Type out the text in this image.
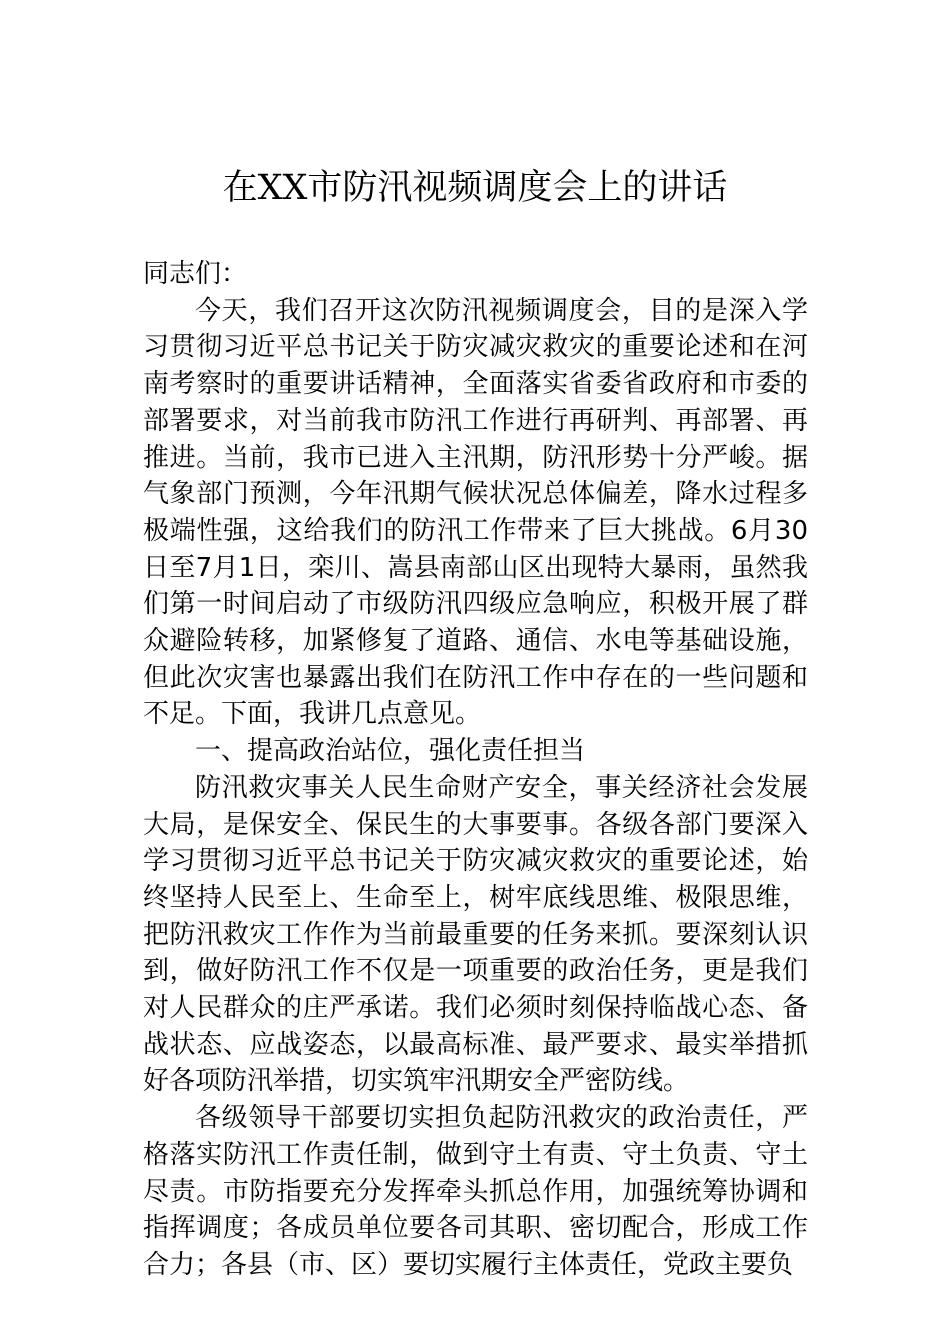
在XX市防汛视频调度会上的讲话

同志们：

今天，我们召开这次防汛视频调度会，目的是深入学习贯彻习近平总书记关于防灾减灾救灾的重要论述和在河南考察时的重要讲话精神，全面落实省委省政府和市委的部署要求，对当前我市防汛工作进行再研判、再部署、再推进。当前，我市已进入主汛期，防汛形势十分严峻。据气象部门预测，今年汛期气候状况总体偏差，降水过程多极端性强，这给我们的防汛工作带来了巨大挑战。6月30日至7月1日，栾川、嵩县南部山区出现特大暴雨，虽然我们第一时间启动了市级防汛四级应急响应，积极开展了群众避险转移，加紧修复了道路、通信、水电等基础设施，但此次灾害也暴露出我们在防汛工作中存在的一些问题和不足。下面，我讲几点意见。

一、提高政治站位，强化责任担当

防汛救灾事关人民生命财产安全，事关经济社会发展大局，是保安全、保民生的大事要事。各级各部门要深入学习贯彻习近平总书记关于防灾减灾救灾的重要论述，始终坚持人民至上、生命至上，树牢底线思维、极限思维，把防汛救灾工作作为当前最重要的任务来抓。要深刻认识到，做好防汛工作不仅是一项重要的政治任务，更是我们对人民群众的庄严承诺。我们必须时刻保持临战心态、备战状态、应战姿态，以最高标准、最严要求、最实举措抓好各项防汛举措，切实筑牢汛期安全严密防线。

各级领导干部要切实担负起防汛救灾的政治责任，严格落实防汛工作责任制，做到守土有责、守土负责、守土尽责。市防指要充分发挥牵头抓总作用，加强统筹协调和指挥调度；各成员单位要各司其职、密切配合，形成工作合力；各县（市、区）要切实履行主体责任，党政主要负
